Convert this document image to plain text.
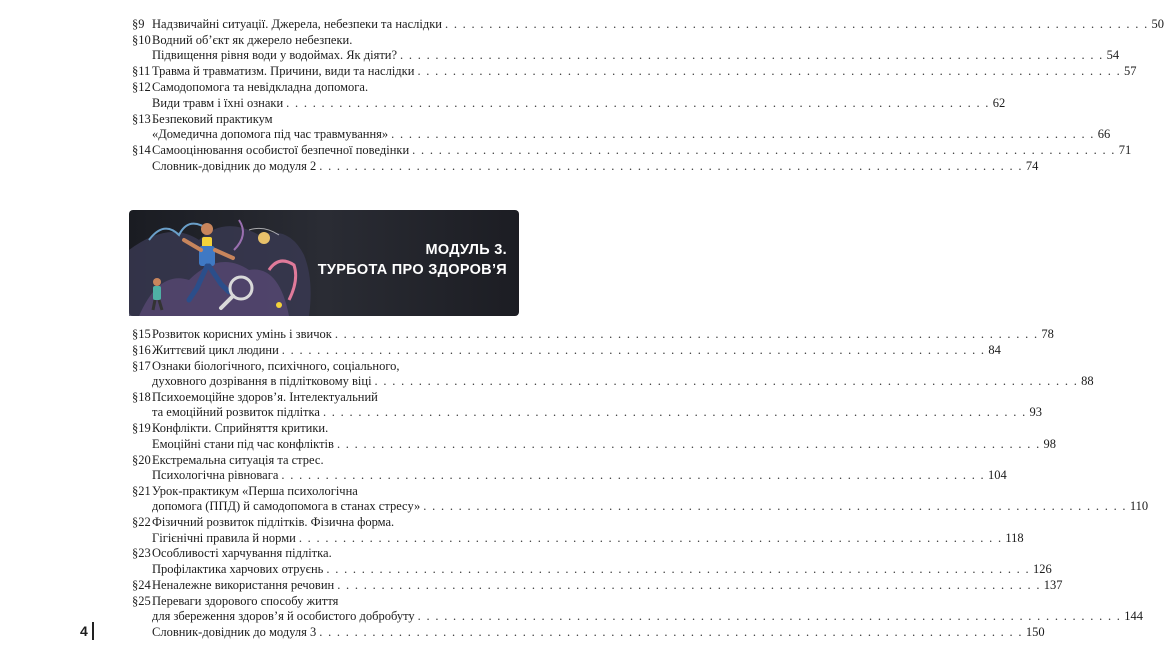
§9 Надзвичайні ситуації. Джерела, небезпеки та наслідки . . . . . . . . . . . . . . . . . . . . . . . . . . . . . . . . . . . . . . . . . . . . . . . . . . . . . . . . . . . . . . . . . . . . . . . . . . . . . . . . 50
§10 Водний об’єкт як джерело небезпеки.
Підвищення рівня води у водоймах. Як діяти? . . . . . . . . . . . . . . . . . . . . . . . . . . . . . . . . . . . . . . . . . . . . . . . . . . . . . . . . . . . . . . . . . . . . . . . . . . . . . . . . 54
§11 Травма й травматизм. Причини, види та наслідки . . . . . . . . . . . . . . . . . . . . . . . . . . . . . . . . . . . . . . . . . . . . . . . . . . . . . . . . . . . . . . . . . . . . . . . . . . . . . . . . 57
§12 Самодопомога та невідкладна допомога.
Види травм і їхні ознаки . . . . . . . . . . . . . . . . . . . . . . . . . . . . . . . . . . . . . . . . . . . . . . . . . . . . . . . . . . . . . . . . . . . . . . . . . . . . . . . . 62
§13 Безпековий практикум
«Домедична допомога під час травмування» . . . . . . . . . . . . . . . . . . . . . . . . . . . . . . . . . . . . . . . . . . . . . . . . . . . . . . . . . . . . . . . . . . . . . . . . . . . . . . . . 66
§14 Самооцінювання особистої безпечної поведінки . . . . . . . . . . . . . . . . . . . . . . . . . . . . . . . . . . . . . . . . . . . . . . . . . . . . . . . . . . . . . . . . . . . . . . . . . . . . . . . . 71
Словник-довідник до модуля 2 . . . . . . . . . . . . . . . . . . . . . . . . . . . . . . . . . . . . . . . . . . . . . . . . . . . . . . . . . . . . . . . . . . . . . . . . . . . . . . . . 74
МОДУЛЬ 3.
ТУРБОТА ПРО ЗДОРОВ’Я
§15 Розвиток корисних умінь і звичок . . . . . . . . . . . . . . . . . . . . . . . . . . . . . . . . . . . . . . . . . . . . . . . . . . . . . . . . . . . . . . . . . . . . . . . . . . . . . . . . 78
§16 Життєвий цикл людини . . . . . . . . . . . . . . . . . . . . . . . . . . . . . . . . . . . . . . . . . . . . . . . . . . . . . . . . . . . . . . . . . . . . . . . . . . . . . . . . 84
§17 Ознаки біологічного, психічного, соціального,
духовного дозрівання в підлітковому віці . . . . . . . . . . . . . . . . . . . . . . . . . . . . . . . . . . . . . . . . . . . . . . . . . . . . . . . . . . . . . . . . . . . . . . . . . . . . . . . . 88
§18 Психоемоційне здоров’я. Інтелектуальний
та емоційний розвиток підлітка . . . . . . . . . . . . . . . . . . . . . . . . . . . . . . . . . . . . . . . . . . . . . . . . . . . . . . . . . . . . . . . . . . . . . . . . . . . . . . . . 93
§19 Конфлікти. Сприйняття критики.
Емоційні стани під час конфліктів . . . . . . . . . . . . . . . . . . . . . . . . . . . . . . . . . . . . . . . . . . . . . . . . . . . . . . . . . . . . . . . . . . . . . . . . . . . . . . . . 98
§20 Екстремальна ситуація та стрес.
Психологічна рівновага . . . . . . . . . . . . . . . . . . . . . . . . . . . . . . . . . . . . . . . . . . . . . . . . . . . . . . . . . . . . . . . . . . . . . . . . . . . . . . . . 104
§21 Урок-практикум «Перша психологічна
допомога (ППД) й самодопомога в станах стресу» . . . . . . . . . . . . . . . . . . . . . . . . . . . . . . . . . . . . . . . . . . . . . . . . . . . . . . . . . . . . . . . . . . . . . . . . . . . . . . . . 110
§22 Фізичний розвиток підлітків. Фізична форма.
Гігієнічні правила й норми . . . . . . . . . . . . . . . . . . . . . . . . . . . . . . . . . . . . . . . . . . . . . . . . . . . . . . . . . . . . . . . . . . . . . . . . . . . . . . . . 118
§23 Особливості харчування підлітка.
Профілактика харчових отруєнь . . . . . . . . . . . . . . . . . . . . . . . . . . . . . . . . . . . . . . . . . . . . . . . . . . . . . . . . . . . . . . . . . . . . . . . . . . . . . . . . 126
§24 Неналежне використання речовин . . . . . . . . . . . . . . . . . . . . . . . . . . . . . . . . . . . . . . . . . . . . . . . . . . . . . . . . . . . . . . . . . . . . . . . . . . . . . . . . 137
§25 Переваги здорового способу життя
для збереження здоров’я й особистого добробуту . . . . . . . . . . . . . . . . . . . . . . . . . . . . . . . . . . . . . . . . . . . . . . . . . . . . . . . . . . . . . . . . . . . . . . . . . . . . . . . . 144
Словник-довідник до модуля 3 . . . . . . . . . . . . . . . . . . . . . . . . . . . . . . . . . . . . . . . . . . . . . . . . . . . . . . . . . . . . . . . . . . . . . . . . . . . . . . . . 150
4
